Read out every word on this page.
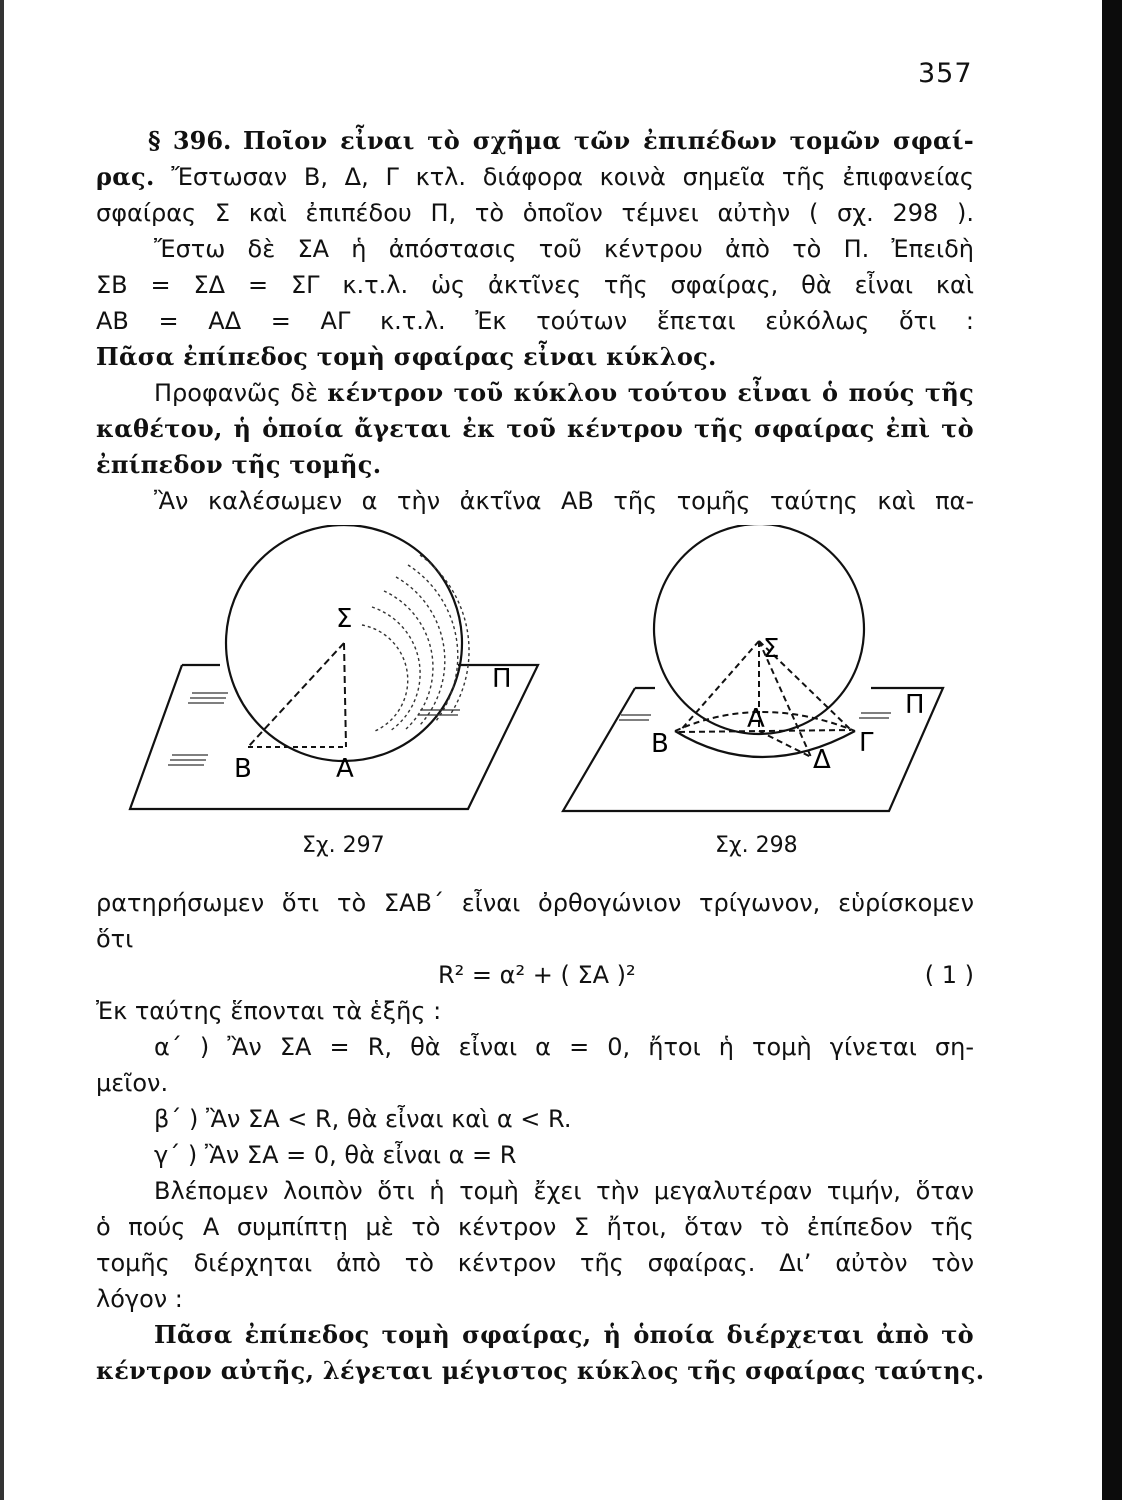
357
§ 396. Ποῖον εἶναι τὸ σχῆμα τῶν ἐπιπέδων τομῶν σφαί-
ρας. Ἔστωσαν Β, Δ, Γ κτλ. διάφορα κοινὰ σημεῖα τῆς ἐπιφανείας
σφαίρας Σ καὶ ἐπιπέδου Π, τὸ ὁποῖον τέμνει αὐτὴν ( σχ. 298 ).
Ἔστω δὲ ΣΑ ἡ ἀπόστασις τοῦ κέντρου ἀπὸ τὸ Π. Ἐπειδὴ
ΣΒ = ΣΔ = ΣΓ κ.τ.λ. ὡς ἀκτῖνες τῆς σφαίρας, θὰ εἶναι καὶ
ΑΒ = ΑΔ = ΑΓ κ.τ.λ. Ἐκ τούτων ἕπεται εὐκόλως ὅτι :
Πᾶσα ἐπίπεδος τομὴ σφαίρας εἶναι κύκλος.
Προφανῶς δὲ κέντρον τοῦ κύκλου τούτου εἶναι ὁ πούς τῆς
καθέτου, ἡ ὁποία ἄγεται ἐκ τοῦ κέντρου τῆς σφαίρας ἐπὶ τὸ
ἐπίπεδον τῆς τομῆς.
Ἂν καλέσωμεν α τὴν ἀκτῖνα ΑΒ τῆς τομῆς ταύτης καὶ πα-
Σ
Π
Β	Α
Σχ. 297
Σ
Π
Β
Α
Γ
Δ
Σχ. 298
ρατηρήσωμεν ὅτι τὸ ΣΑΒ΄ εἶναι ὀρθογώνιον τρίγωνον, εὑρίσκομεν
ὅτι
R² = α² + ( ΣΑ )²	( 1 )
Ἐκ ταύτης ἕπονται τὰ ἑξῆς :
α΄ ) Ἂν ΣΑ = R, θὰ εἶναι α = 0, ἤτοι ἡ τομὴ γίνεται ση-
μεῖον.
β΄ ) Ἂν ΣΑ < R, θὰ εἶναι καὶ α < R.
γ΄ ) Ἂν ΣΑ = 0, θὰ εἶναι α = R
Βλέπομεν λοιπὸν ὅτι ἡ τομὴ ἔχει τὴν μεγαλυτέραν τιμήν, ὅταν
ὁ πούς Α συμπίπτῃ μὲ τὸ κέντρον Σ ἤτοι, ὅταν τὸ ἐπίπεδον τῆς
τομῆς διέρχηται ἀπὸ τὸ κέντρον τῆς σφαίρας. Διʼ αὐτὸν τὸν
λόγον :
Πᾶσα ἐπίπεδος τομὴ σφαίρας, ἡ ὁποία διέρχεται ἀπὸ τὸ
κέντρον αὐτῆς, λέγεται μέγιστος κύκλος τῆς σφαίρας ταύτης.
